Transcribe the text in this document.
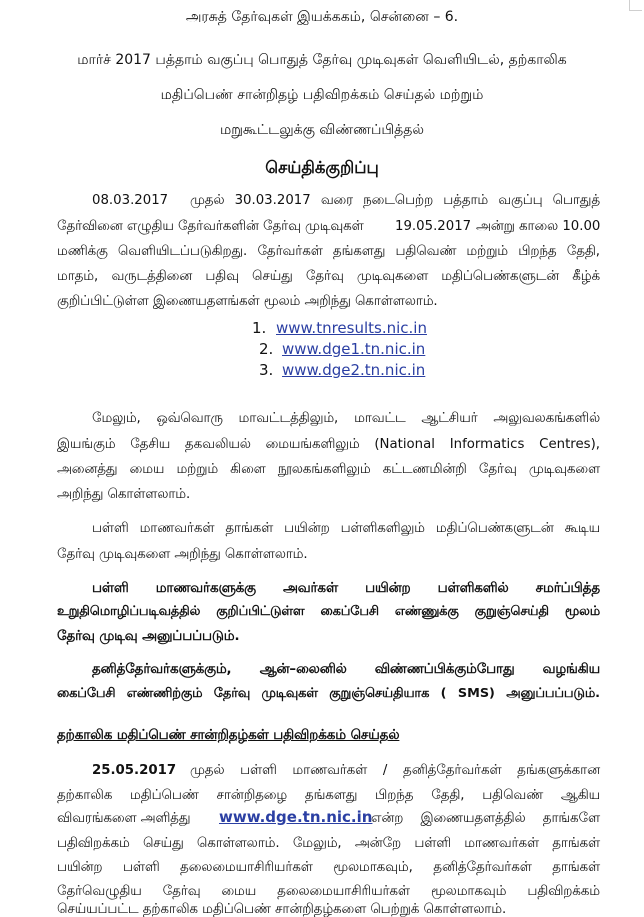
அரசுத் தேர்வுகள் இயக்ககம், சென்னை – 6.
மார்ச் 2017 பத்தாம் வகுப்பு பொதுத் தேர்வு முடிவுகள் வெளியிடல், தற்காலிக
மதிப்பெண் சான்றிதழ் பதிவிறக்கம் செய்தல் மற்றும்
மறுகூட்டலுக்கு விண்ணப்பித்தல்
செய்திக்குறிப்பு
08.03.2017 முதல் 30.03.2017 வரை நடைபெற்ற பத்தாம் வகுப்பு பொதுத்
தேர்வினை எழுதிய தேர்வர்களின் தேர்வு முடிவுகள் 19.05.2017 அன்று காலை 10.00
மணிக்கு வெளியிடப்படுகிறது. தேர்வர்கள் தங்களது பதிவெண் மற்றும் பிறந்த தேதி,
மாதம், வருடத்தினை பதிவு செய்து தேர்வு முடிவுகளை மதிப்பெண்களுடன் கீழ்க்
குறிப்பிட்டுள்ள இணையதளங்கள் மூலம் அறிந்து கொள்ளலாம்.
1. www.tnresults.nic.in
2. www.dge1.tn.nic.in
3. www.dge2.tn.nic.in
மேலும், ஒவ்வொரு மாவட்டத்திலும், மாவட்ட ஆட்சியர் அலுவலகங்களில்
இயங்கும் தேசிய தகவலியல் மையங்களிலும் (National Informatics Centres),
அனைத்து மைய மற்றும் கிளை நூலகங்களிலும் கட்டணமின்றி தேர்வு முடிவுகளை
அறிந்து கொள்ளலாம்.
பள்ளி மாணவர்கள் தாங்கள் பயின்ற பள்ளிகளிலும் மதிப்பெண்களுடன் கூடிய
தேர்வு முடிவுகளை அறிந்து கொள்ளலாம்.
பள்ளி மாணவர்களுக்கு அவர்கள் பயின்ற பள்ளிகளில் சமர்ப்பித்த
உறுதிமொழிப்படிவத்தில் குறிப்பிட்டுள்ள கைப்பேசி எண்ணுக்கு குறுஞ்செய்தி மூலம்
தேர்வு முடிவு அனுப்பப்படும்.
தனித்தேர்வர்களுக்கும், ஆன்–லைனில் விண்ணப்பிக்கும்போது வழங்கிய
கைப்பேசி எண்ணிற்கும் தேர்வு முடிவுகள் குறுஞ்செய்தியாக ( SMS) அனுப்பப்படும்.
தற்காலிக மதிப்பெண் சான்றிதழ்கள் பதிவிறக்கம் செய்தல்
25.05.2017 முதல் பள்ளி மாணவர்கள் / தனித்தேர்வர்கள் தங்களுக்கான
தற்காலிக மதிப்பெண் சான்றிதழை தங்களது பிறந்த தேதி, பதிவெண் ஆகிய
விவரங்களை அளித்து www.dge.tn.nic.in
என்ற இணையதளத்தில் தாங்களே
பதிவிறக்கம் செய்து கொள்ளலாம். மேலும், அன்றே பள்ளி மாணவர்கள் தாங்கள்
பயின்ற பள்ளி தலைமையாசிரியர்கள் மூலமாகவும், தனித்தேர்வர்கள் தாங்கள்
தேர்வெழுதிய தேர்வு மைய தலைமையாசிரியர்கள் மூலமாகவும் பதிவிறக்கம்
செய்யப்பட்ட தற்காலிக மதிப்பெண் சான்றிதழ்களை பெற்றுக் கொள்ளலாம்.
